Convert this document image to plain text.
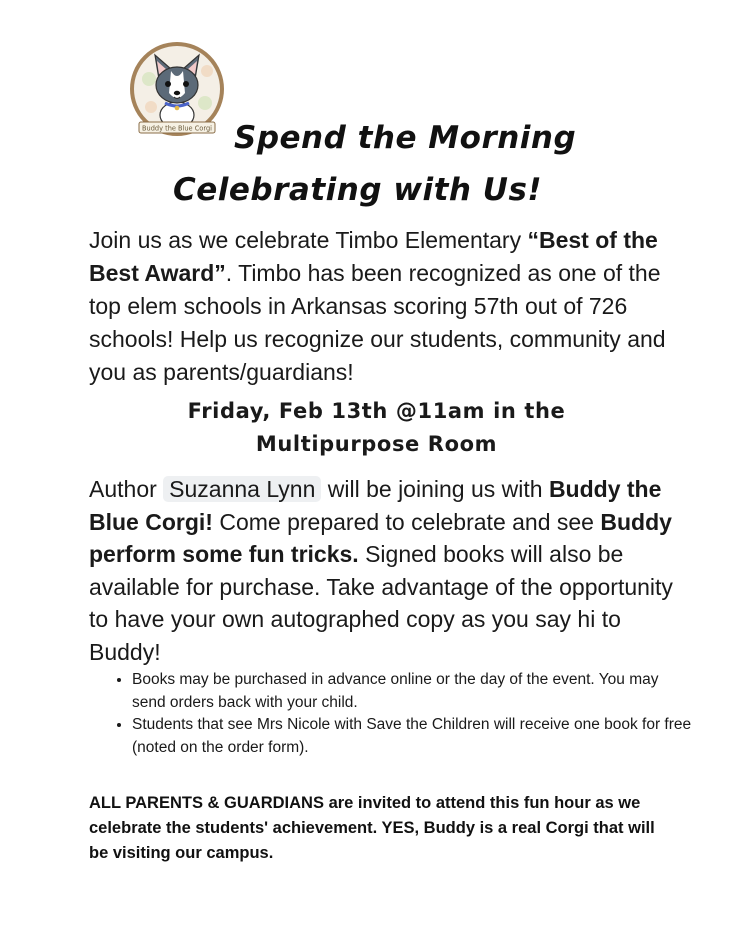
Buddy the Blue Corgi Spend the Morning
Celebrating with Us!
Join us as we celebrate Timbo Elementary “Best of the Best Award”. Timbo has been recognized as one of the top elem schools in Arkansas scoring 57th out of 726 schools! Help us recognize our students, community and you as parents/guardians!
Friday, Feb 13th @11am in the
Multipurpose Room
Author Suzanna Lynn will be joining us with Buddy the Blue Corgi! Come prepared to celebrate and see Buddy perform some fun tricks. Signed books will also be available for purchase. Take advantage of the opportunity to have your own autographed copy as you say hi to Buddy!
• Books may be purchased in advance online or the day of the event. You may send orders back with your child.
• Students that see Mrs Nicole with Save the Children will receive one book for free (noted on the order form).
ALL PARENTS & GUARDIANS are invited to attend this fun hour as we celebrate the students' achievement. YES, Buddy is a real Corgi that will be visiting our campus.
